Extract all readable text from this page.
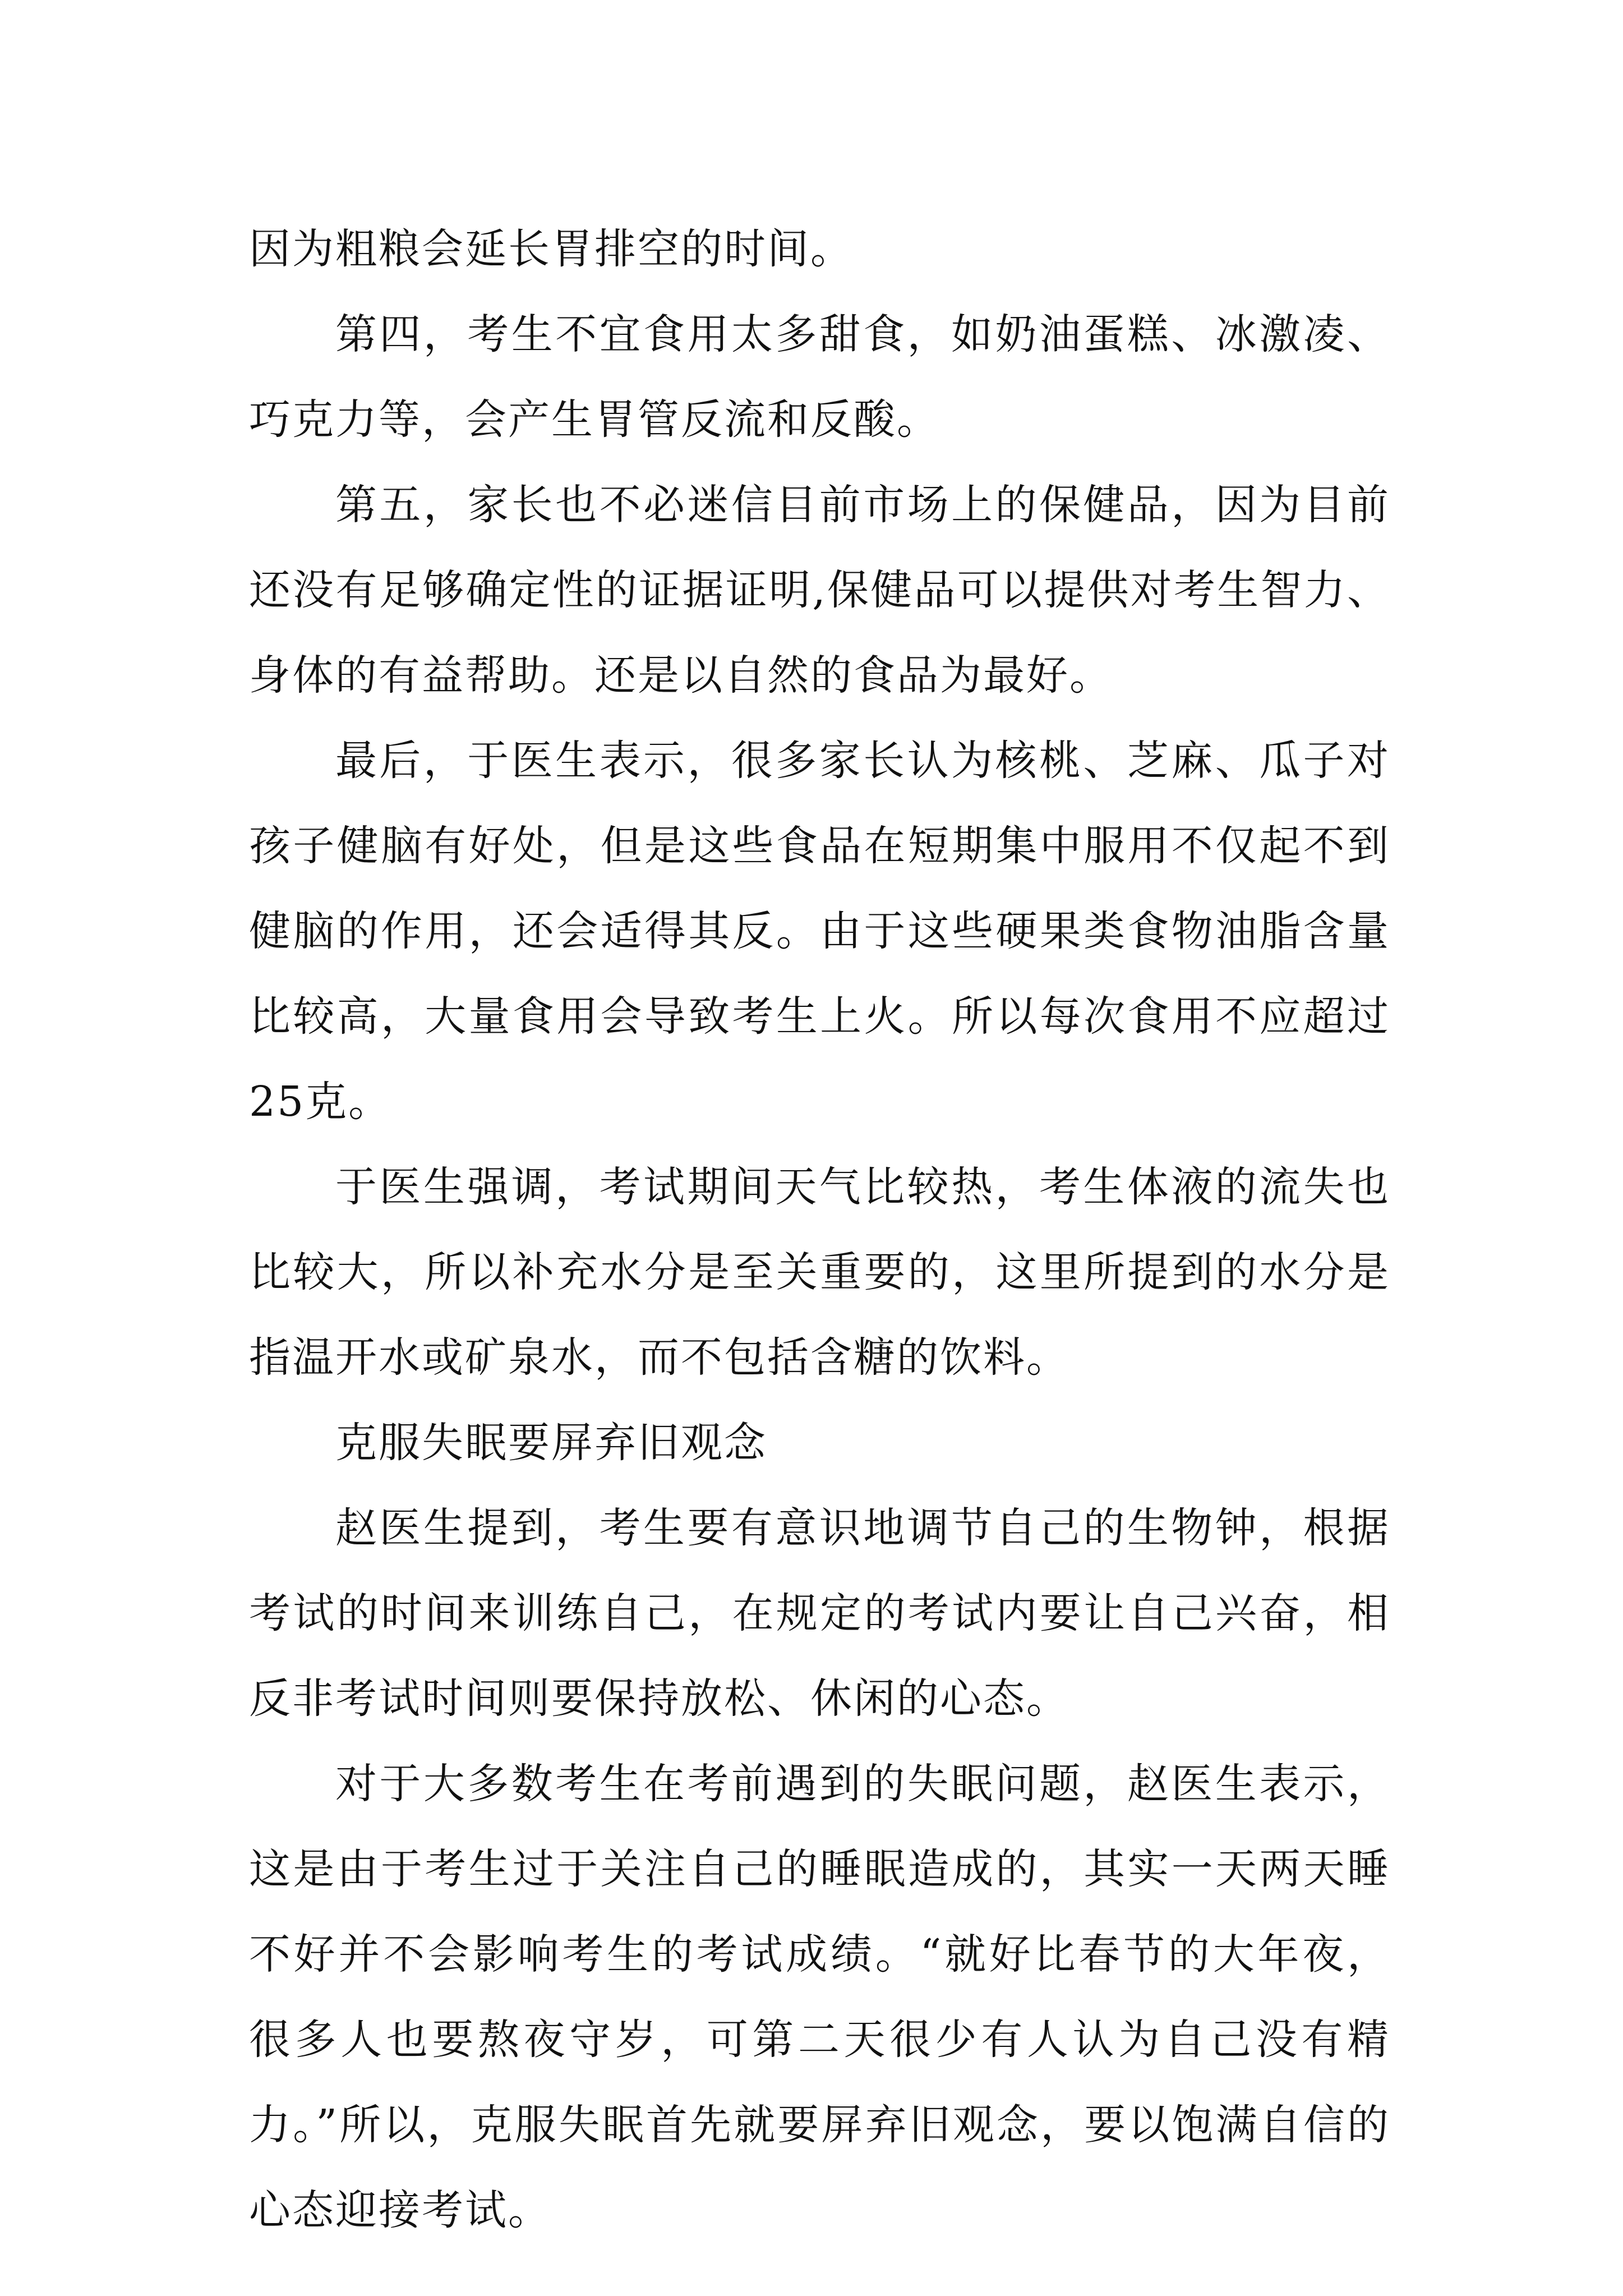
因为粗粮会延长胃排空的时间。

第四，考生不宜食用太多甜食，如奶油蛋糕、冰激凌、巧克力等，会产生胃管反流和反酸。

第五，家长也不必迷信目前市场上的保健品，因为目前还没有足够确定性的证据证明,保健品可以提供对考生智力、身体的有益帮助。还是以自然的食品为最好。

最后，于医生表示，很多家长认为核桃、芝麻、瓜子对孩子健脑有好处，但是这些食品在短期集中服用不仅起不到健脑的作用，还会适得其反。由于这些硬果类食物油脂含量比较高，大量食用会导致考生上火。所以每次食用不应超过25克。

于医生强调，考试期间天气比较热，考生体液的流失也比较大，所以补充水分是至关重要的，这里所提到的水分是指温开水或矿泉水，而不包括含糖的饮料。

克服失眠要屏弃旧观念

赵医生提到，考生要有意识地调节自己的生物钟，根据考试的时间来训练自己，在规定的考试内要让自己兴奋，相反非考试时间则要保持放松、休闲的心态。

对于大多数考生在考前遇到的失眠问题，赵医生表示，这是由于考生过于关注自己的睡眠造成的，其实一天两天睡不好并不会影响考生的考试成绩。“就好比春节的大年夜，很多人也要熬夜守岁，可第二天很少有人认为自己没有精力。”所以，克服失眠首先就要屏弃旧观念，要以饱满自信的心态迎接考试。
